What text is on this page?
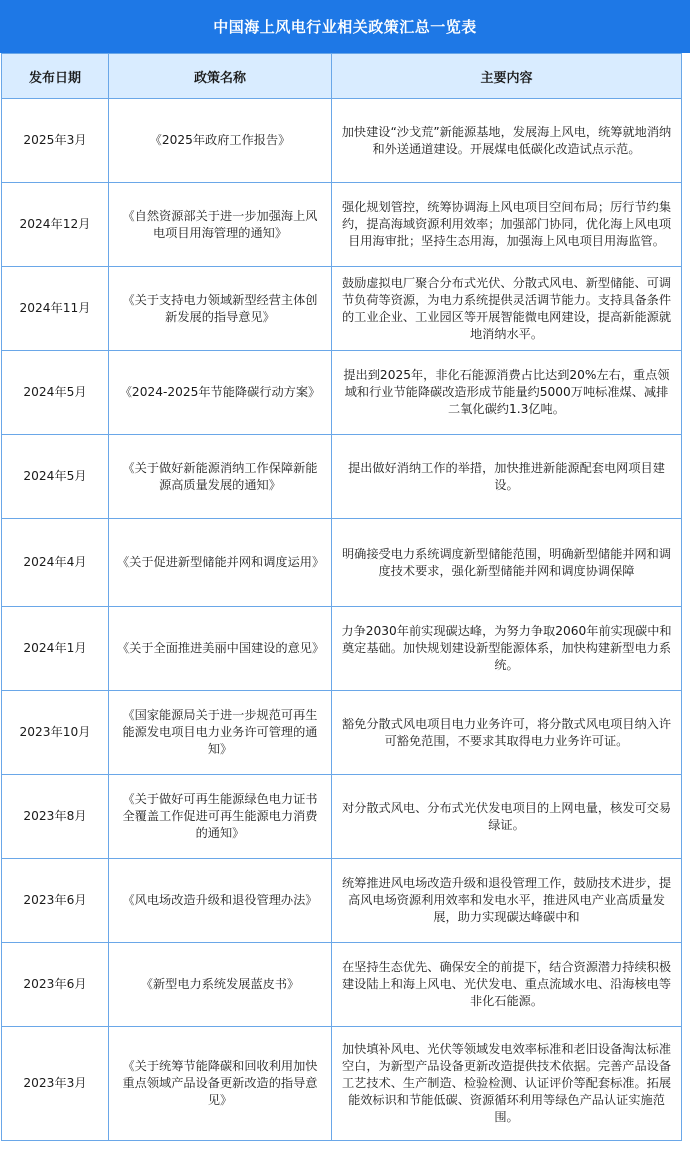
中国海上风电行业相关政策汇总一览表
发布日期	政策名称	主要内容
2025年3月	《2025年政府工作报告》	加快建设“沙戈荒”新能源基地，发展海上风电，统筹就地消纳和外送通道建设。开展煤电低碳化改造试点示范。
2024年12月	《自然资源部关于进一步加强海上风电项目用海管理的通知》	强化规划管控，统筹协调海上风电项目空间布局；厉行节约集约，提高海域资源利用效率；加强部门协同，优化海上风电项目用海审批；坚持生态用海，加强海上风电项目用海监管。
2024年11月	《关于支持电力领域新型经营主体创新发展的指导意见》	鼓励虚拟电厂聚合分布式光伏、分散式风电、新型储能、可调节负荷等资源，为电力系统提供灵活调节能力。支持具备条件的工业企业、工业园区等开展智能微电网建设，提高新能源就地消纳水平。
2024年5月	《2024-2025年节能降碳行动方案》	提出到2025年，非化石能源消费占比达到20%左右，重点领域和行业节能降碳改造形成节能量约5000万吨标准煤、减排二氧化碳约1.3亿吨。
2024年5月	《关于做好新能源消纳工作保障新能源高质量发展的通知》	提出做好消纳工作的举措，加快推进新能源配套电网项目建设。
2024年4月	《关于促进新型储能并网和调度运用》	明确接受电力系统调度新型储能范围，明确新型储能并网和调度技术要求，强化新型储能并网和调度协调保障
2024年1月	《关于全面推进美丽中国建设的意见》	力争2030年前实现碳达峰，为努力争取2060年前实现碳中和奠定基础。加快规划建设新型能源体系，加快构建新型电力系统。
2023年10月	《国家能源局关于进一步规范可再生能源发电项目电力业务许可管理的通知》	豁免分散式风电项目电力业务许可，将分散式风电项目纳入许可豁免范围，不要求其取得电力业务许可证。
2023年8月	《关于做好可再生能源绿色电力证书全覆盖工作促进可再生能源电力消费的通知》	对分散式风电、分布式光伏发电项目的上网电量，核发可交易绿证。
2023年6月	《风电场改造升级和退役管理办法》	统筹推进风电场改造升级和退役管理工作，鼓励技术进步，提高风电场资源利用效率和发电水平，推进风电产业高质量发展，助力实现碳达峰碳中和
2023年6月	《新型电力系统发展蓝皮书》	在坚持生态优先、确保安全的前提下，结合资源潜力持续积极建设陆上和海上风电、光伏发电、重点流域水电、沿海核电等非化石能源。
2023年3月	《关于统筹节能降碳和回收利用加快重点领域产品设备更新改造的指导意见》	加快填补风电、光伏等领域发电效率标准和老旧设备淘汰标准空白，为新型产品设备更新改造提供技术依据。完善产品设备工艺技术、生产制造、检验检测、认证评价等配套标准。拓展能效标识和节能低碳、资源循环利用等绿色产品认证实施范围。
